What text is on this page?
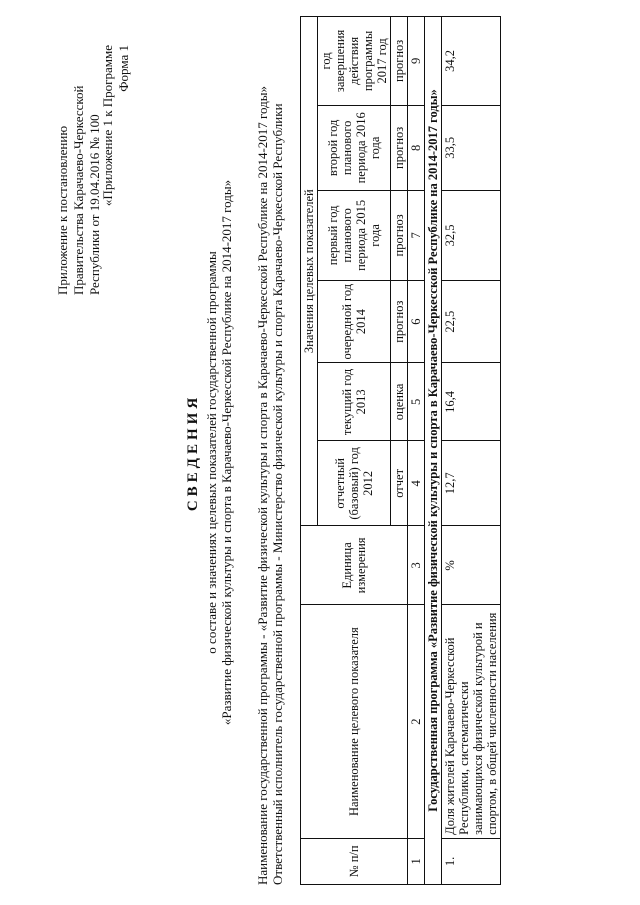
Приложение к постановлению Правительства Карачаево-Черкесской Республики от 19.04.2016 № 100
«Приложение 1 к Программе Форма 1
СВЕДЕНИЯ о составе и значениях целевых показателей государственной программы «Развитие физической культуры и спорта в Карачаево-Черкесской Республике на 2014-2017 годы» Наименование государственной программы - «Развитие физической культуры и спорта в Карачаево-Черкесской Республике на 2014-2017 годы» Ответственный исполнитель государственной программы - Министерство физической культуры и спорта Карачаево-Черкесской Республики	№ п/п	Наименование целевого показателя	Единица измерения	Значения целевых показателей					
			отчетный (базовый) год 2012	текущий год 2013	очередной год 2014	первый год планового периода 2015 года	второй год планового периода 2016 года	год завершения действия программы 2017 год
			отчет	оценка	прогноз	прогноз	прогноз	прогноз
1	2	3	4	5	6	7	8	9
Государственная программа «Развитие физической культуры и спорта в Карачаево-Черкесской Республике на 2014-2017 годы»								
1.	Доля жителей Карачаево-Черкесской Республики, систематически занимающихся физической культурой и спортом, в общей численности населения	%	12,7	16,4	22,5	32,5	33,5	34,2
